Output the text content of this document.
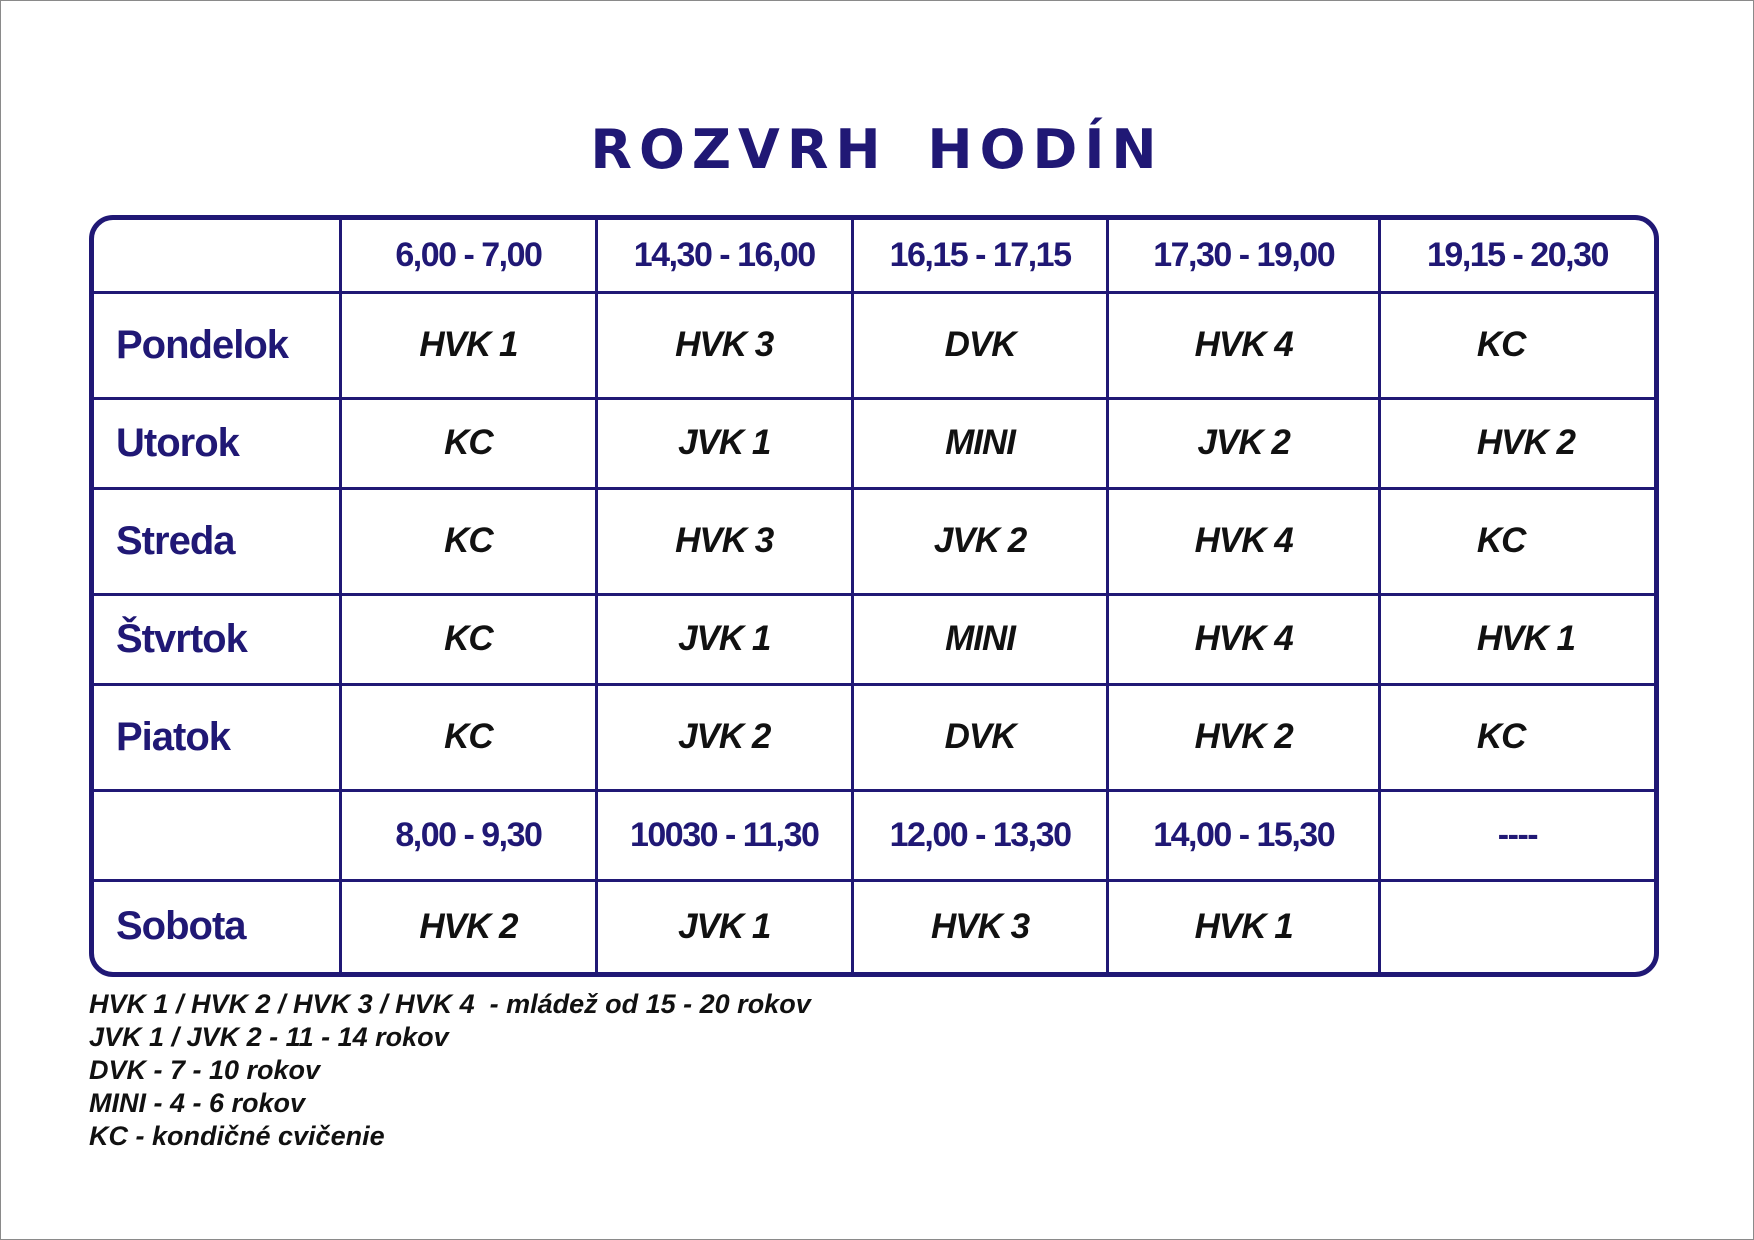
ROZVRH HODÍN
	6,00 - 7,00	14,30 - 16,00	16,15 - 17,15	17,30 - 19,00	19,15 - 20,30
Pondelok	HVK 1	HVK 3	DVK	HVK 4	KC
Utorok	KC	JVK 1	MINI	JVK 2	HVK 2
Streda	KC	HVK 3	JVK 2	HVK 4	KC
Štvrtok	KC	JVK 1	MINI	HVK 4	HVK 1
Piatok	KC	JVK 2	DVK	HVK 2	KC
	8,00 - 9,30	10030 - 11,30	12,00 - 13,30	14,00 - 15,30	----
Sobota	HVK 2	JVK 1	HVK 3	HVK 1	
HVK 1 / HVK 2 / HVK 3 / HVK 4  - mládež od 15 - 20 rokov
JVK 1 / JVK 2 - 11 - 14 rokov
DVK - 7 - 10 rokov
MINI - 4 - 6 rokov
KC - kondičné cvičenie
